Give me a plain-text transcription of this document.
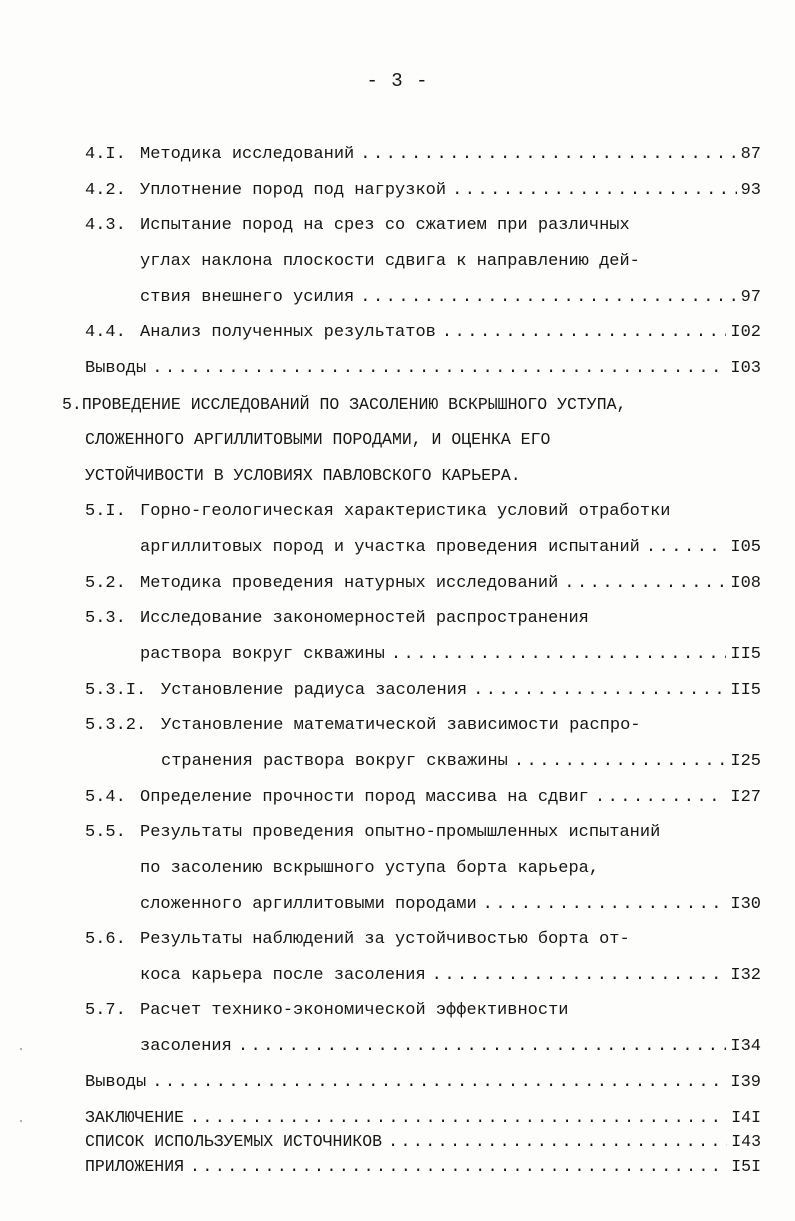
- 3 -
4.I. Методика исследований .....	87
4.2. Уплотнение пород под нагрузкой .....	93
4.3. Испытание пород на срез со сжатием при различных
углах наклона плоскости сдвига к направлению дей-
ствия внешнего усилия .....	97
4.4. Анализ полученных результатов .....	I02
Выводы .....	I03
5.ПРОВЕДЕНИЕ ИССЛЕДОВАНИЙ ПО ЗАСОЛЕНИЮ ВСКРЫШНОГО УСТУПА,
СЛОЖЕННОГО АРГИЛЛИТОВЫМИ ПОРОДАМИ, И ОЦЕНКА ЕГО
УСТОЙЧИВОСТИ В УСЛОВИЯХ ПАВЛОВСКОГО КАРЬЕРА.
5.I. Горно-геологическая характеристика условий отработки
аргиллитовых пород и участка проведения испытаний .....	I05
5.2. Методика проведения натурных исследований .....	I08
5.3. Исследование закономерностей распространения
раствора вокруг скважины .....	II5
5.3.I. Установление радиуса засоления .....	II5
5.3.2. Установление математической зависимости распро-
странения раствора вокруг скважины .....	I25
5.4. Определение прочности пород массива на сдвиг .....	I27
5.5. Результаты проведения опытно-промышленных испытаний
по засолению вскрышного уступа борта карьера,
сложенного аргиллитовыми породами .....	I30
5.6. Результаты наблюдений за устойчивостью борта от-
коса карьера после засоления .....	I32
5.7. Расчет технико-экономической эффективности
засоления .....	I34
Выводы .....	I39
ЗАКЛЮЧЕНИЕ .....	I4I
СПИСОК ИСПОЛЬЗУЕМЫХ ИСТОЧНИКОВ .....	I43
ПРИЛОЖЕНИЯ .....	I5I
